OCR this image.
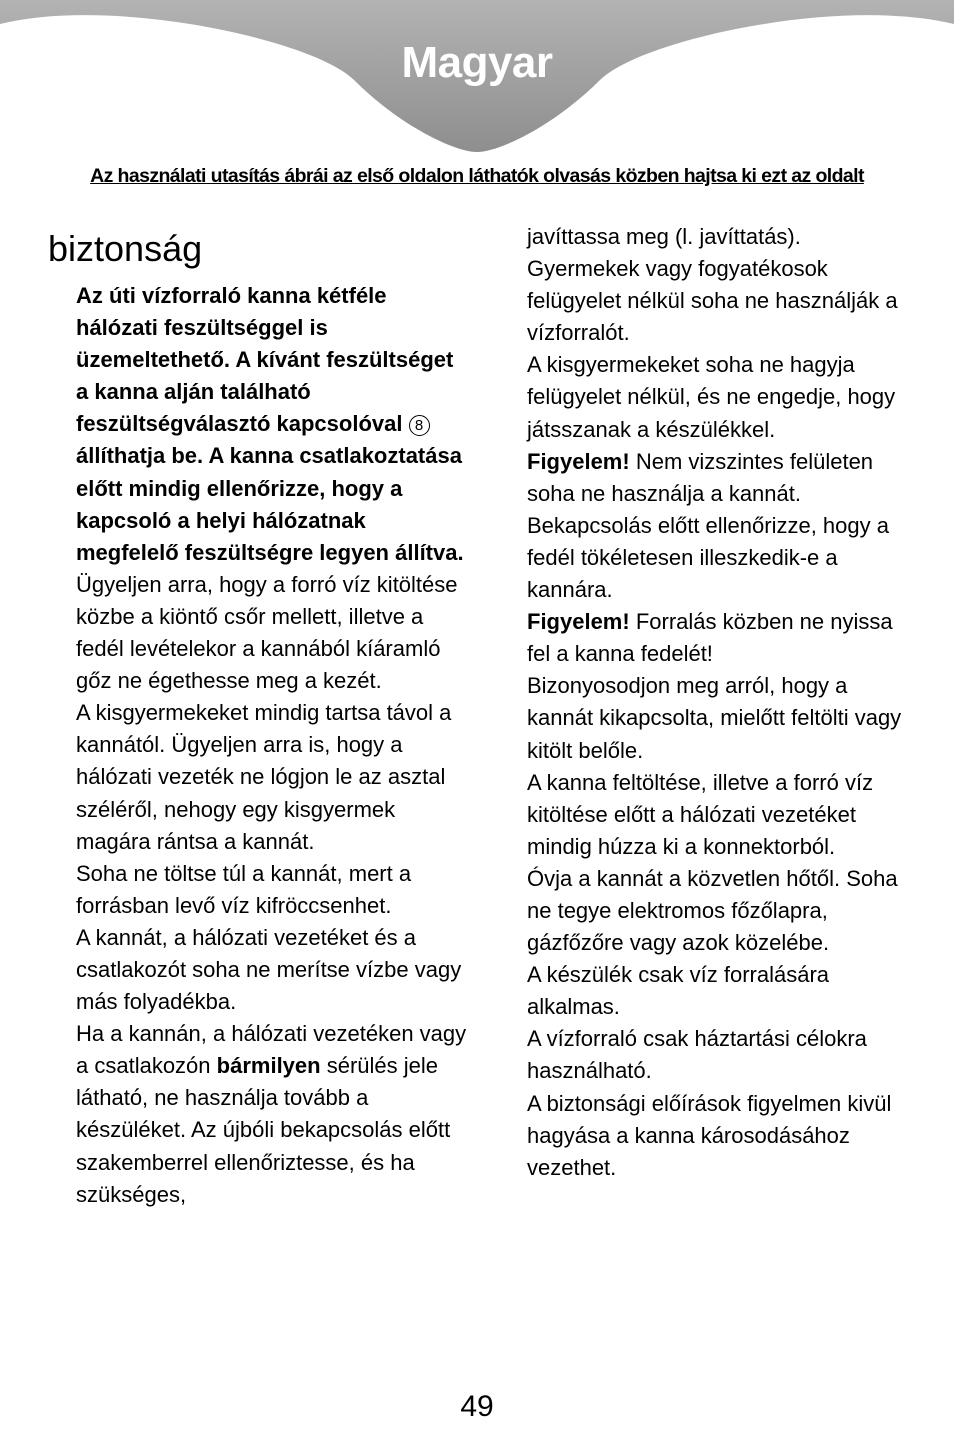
Magyar
Az használati utasítás ábrái az első oldalon láthatók olvasás közben hajtsa ki ezt az oldalt
biztonság

Az úti vízforraló kanna kétféle hálózati feszültséggel is üzemeltethető. A kívánt feszültséget a kanna alján található feszültségválasztó kapcsolóval 8 állíthatja be. A kanna csatlakoztatása előtt mindig ellenőrizze, hogy a kapcsoló a helyi hálózatnak megfelelő feszültségre legyen állítva.

Ügyeljen arra, hogy a forró víz kitöltése közbe a kiöntő csőr mellett, illetve a fedél levételekor a kannából kíáramló gőz ne égethesse meg a kezét.

A kisgyermekeket mindig tartsa távol a kannától. Ügyeljen arra is, hogy a hálózati vezeték ne lógjon le az asztal széléről, nehogy egy kisgyermek magára rántsa a kannát.

Soha ne töltse túl a kannát, mert a forrásban levő víz kifröccsenhet.

A kannát, a hálózati vezetéket és a csatlakozót soha ne merítse vízbe vagy más folyadékba.

Ha a kannán, a hálózati vezetéken vagy a csatlakozón bármilyen sérülés jele látható, ne használja tovább a készüléket. Az újbóli bekapcsolás előtt szakemberrel ellenőriztesse, és ha szükséges,

javíttassa meg (l. javíttatás).

Gyermekek vagy fogyatékosok felügyelet nélkül soha ne használják a vízforralót.

A kisgyermekeket soha ne hagyja felügyelet nélkül, és ne engedje, hogy játsszanak a készülékkel.

Figyelem! Nem vizszintes felületen soha ne használja a kannát.

Bekapcsolás előtt ellenőrizze, hogy a fedél tökéletesen illeszkedik-e a kannára.

Figyelem! Forralás közben ne nyissa fel a kanna fedelét!

Bizonyosodjon meg arról, hogy a kannát kikapcsolta, mielőtt feltölti vagy kitölt belőle.

A kanna feltöltése, illetve a forró víz kitöltése előtt a hálózati vezetéket mindig húzza ki a konnektorból.

Óvja a kannát a közvetlen hőtől. Soha ne tegye elektromos főzőlapra, gázfőzőre vagy azok közelébe.

A készülék csak víz forralására alkalmas.

A vízforraló csak háztartási célokra használható.

A biztonsági előírások figyelmen kivül hagyása a kanna károsodásához vezethet.

49
